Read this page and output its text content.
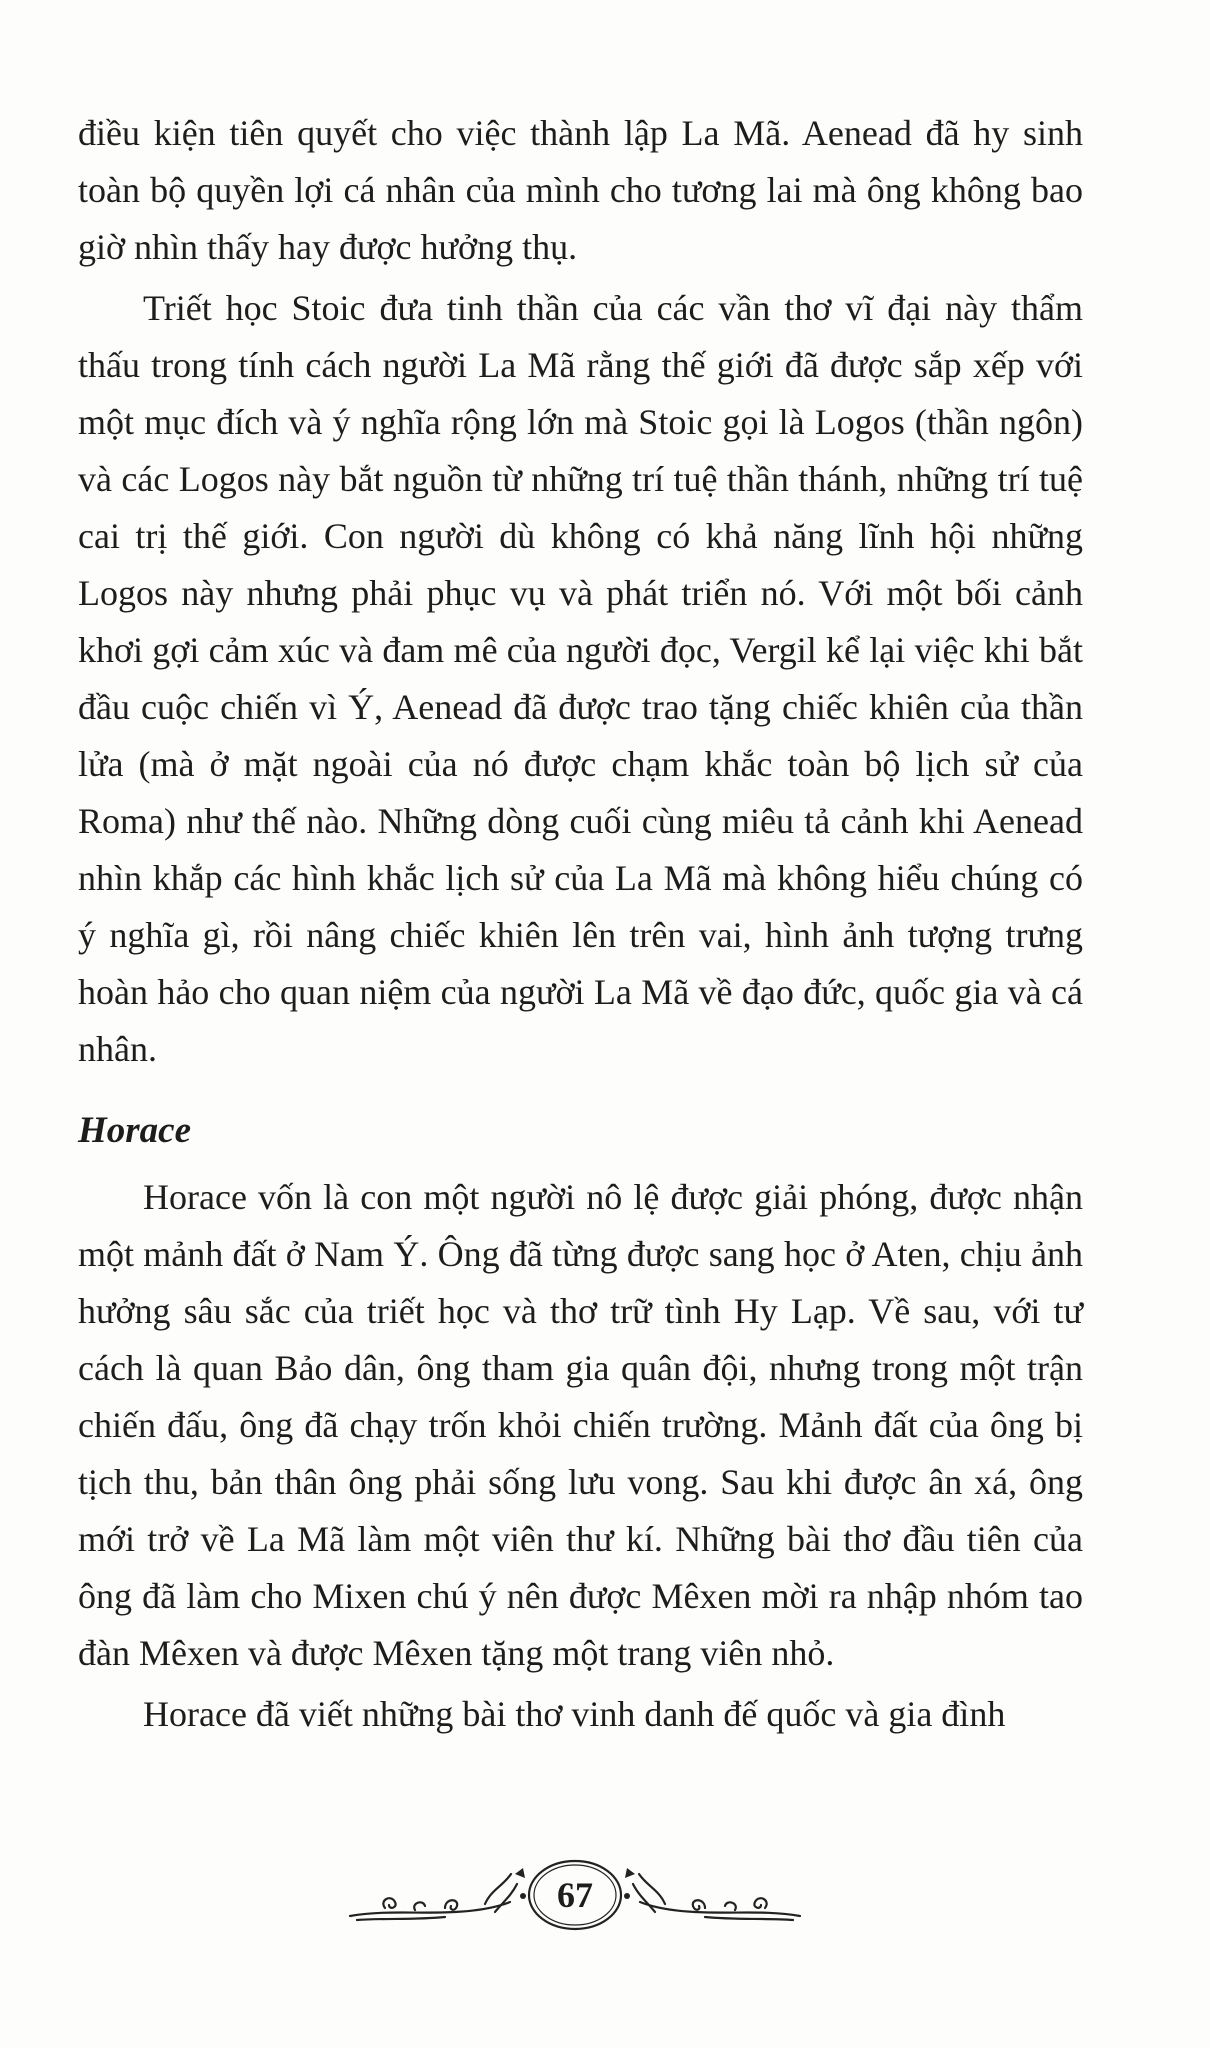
điều kiện tiên quyết cho việc thành lập La Mã. Aenead đã hy sinh toàn bộ quyền lợi cá nhân của mình cho tương lai mà ông không bao giờ nhìn thấy hay được hưởng thụ.

Triết học Stoic đưa tinh thần của các vần thơ vĩ đại này thẩm thấu trong tính cách người La Mã rằng thế giới đã được sắp xếp với một mục đích và ý nghĩa rộng lớn mà Stoic gọi là Logos (thần ngôn) và các Logos này bắt nguồn từ những trí tuệ thần thánh, những trí tuệ cai trị thế giới. Con người dù không có khả năng lĩnh hội những Logos này nhưng phải phục vụ và phát triển nó. Với một bối cảnh khơi gợi cảm xúc và đam mê của người đọc, Vergil kể lại việc khi bắt đầu cuộc chiến vì Ý, Aenead đã được trao tặng chiếc khiên của thần lửa (mà ở mặt ngoài của nó được chạm khắc toàn bộ lịch sử của Roma) như thế nào. Những dòng cuối cùng miêu tả cảnh khi Aenead nhìn khắp các hình khắc lịch sử của La Mã mà không hiểu chúng có ý nghĩa gì, rồi nâng chiếc khiên lên trên vai, hình ảnh tượng trưng hoàn hảo cho quan niệm của người La Mã về đạo đức, quốc gia và cá nhân.

Horace

Horace vốn là con một người nô lệ được giải phóng, được nhận một mảnh đất ở Nam Ý. Ông đã từng được sang học ở Aten, chịu ảnh hưởng sâu sắc của triết học và thơ trữ tình Hy Lạp. Về sau, với tư cách là quan Bảo dân, ông tham gia quân đội, nhưng trong một trận chiến đấu, ông đã chạy trốn khỏi chiến trường. Mảnh đất của ông bị tịch thu, bản thân ông phải sống lưu vong. Sau khi được ân xá, ông mới trở về La Mã làm một viên thư kí. Những bài thơ đầu tiên của ông đã làm cho Mixen chú ý nên được Mêxen mời ra nhập nhóm tao đàn Mêxen và được Mêxen tặng một trang viên nhỏ.

Horace đã viết những bài thơ vinh danh đế quốc và gia đình

67
